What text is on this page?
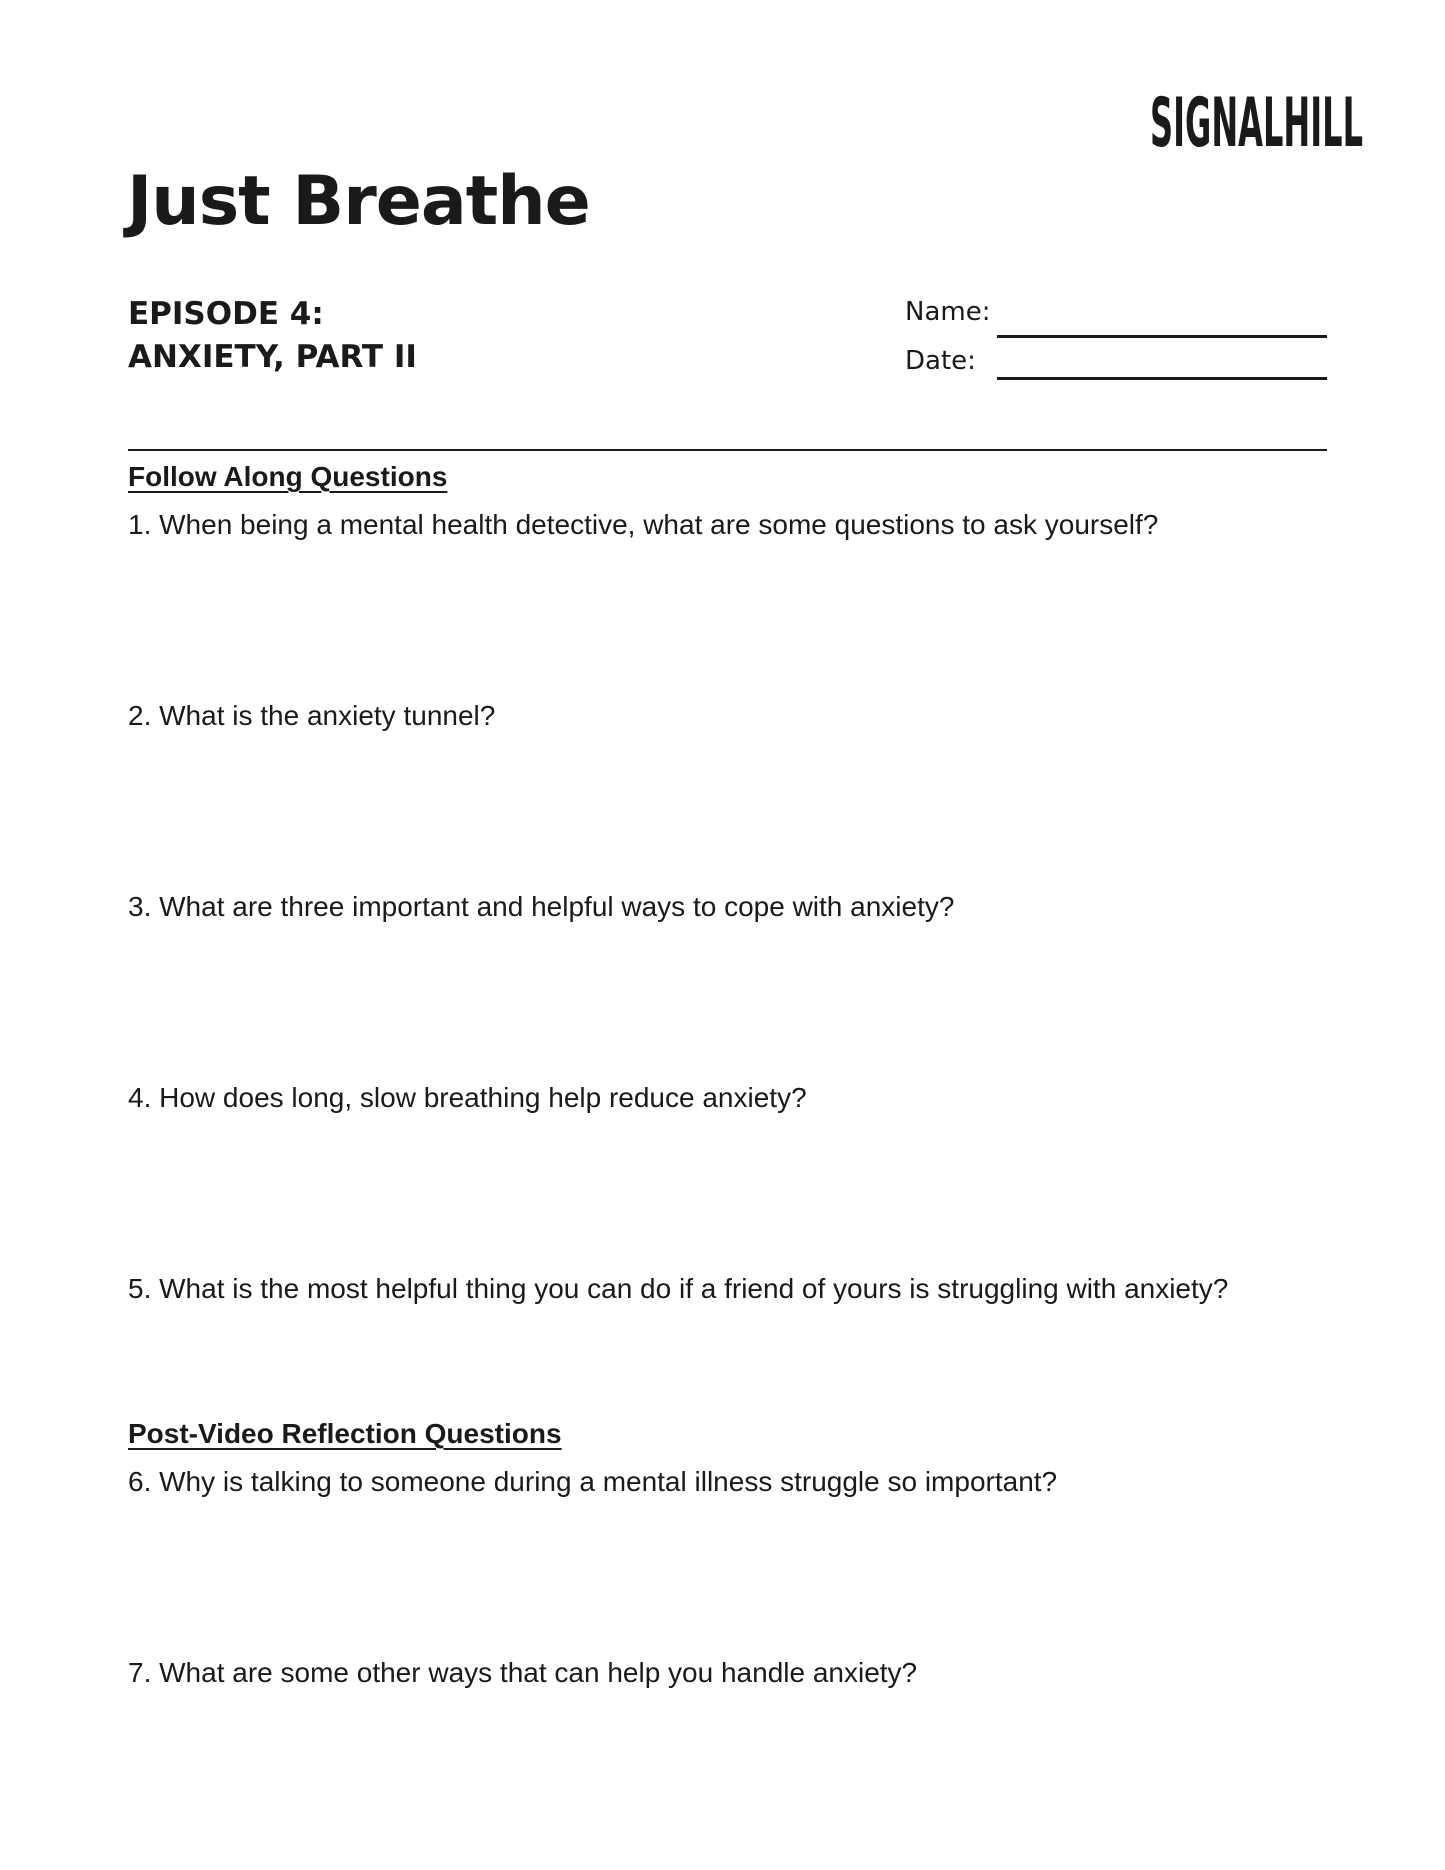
SIGNALHILL
Just Breathe
EPISODE 4:
ANXIETY, PART II
Name:
Date:
Follow Along Questions
1. When being a mental health detective, what are some questions to ask yourself?
2. What is the anxiety tunnel?
3. What are three important and helpful ways to cope with anxiety?
4. How does long, slow breathing help reduce anxiety?
5. What is the most helpful thing you can do if a friend of yours is struggling with anxiety?
Post-Video Reflection Questions
6. Why is talking to someone during a mental illness struggle so important?
7. What are some other ways that can help you handle anxiety?
